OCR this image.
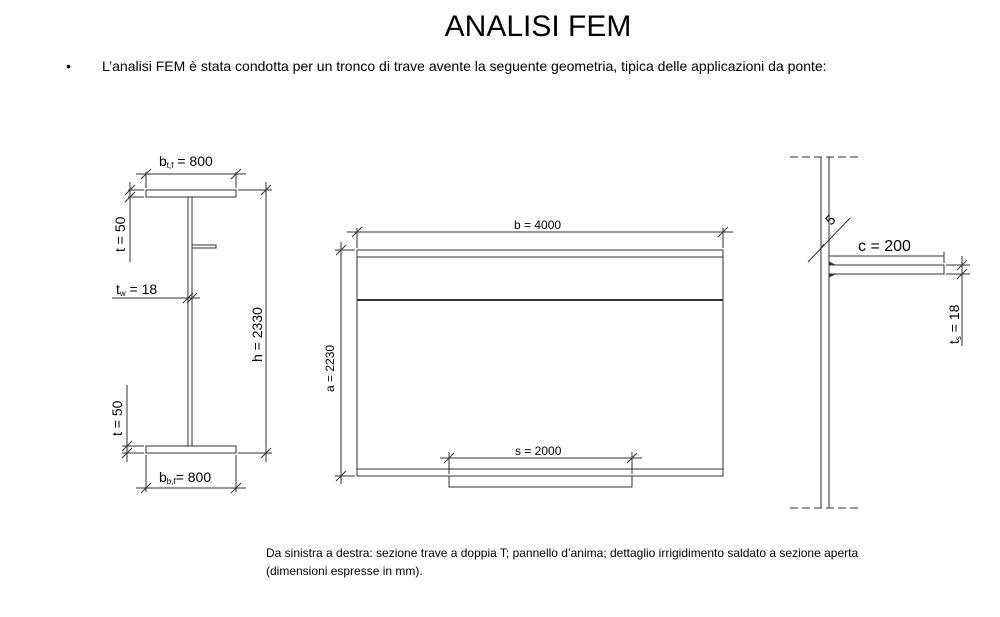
ANALISI FEM
• L’analisi FEM è stata condotta per un tronco di trave avente la seguente geometria, tipica delle applicazioni da ponte:
bt,f = 800
t = 50
tw = 18
h = 2330
t = 50
bb,f= 800
b = 4000
a = 2230
s = 2000
5
c = 200
ts = 18
Da sinistra a destra: sezione trave a doppia T; pannello d’anima; dettaglio irrigidimento saldato a sezione aperta (dimensioni espresse in mm).
